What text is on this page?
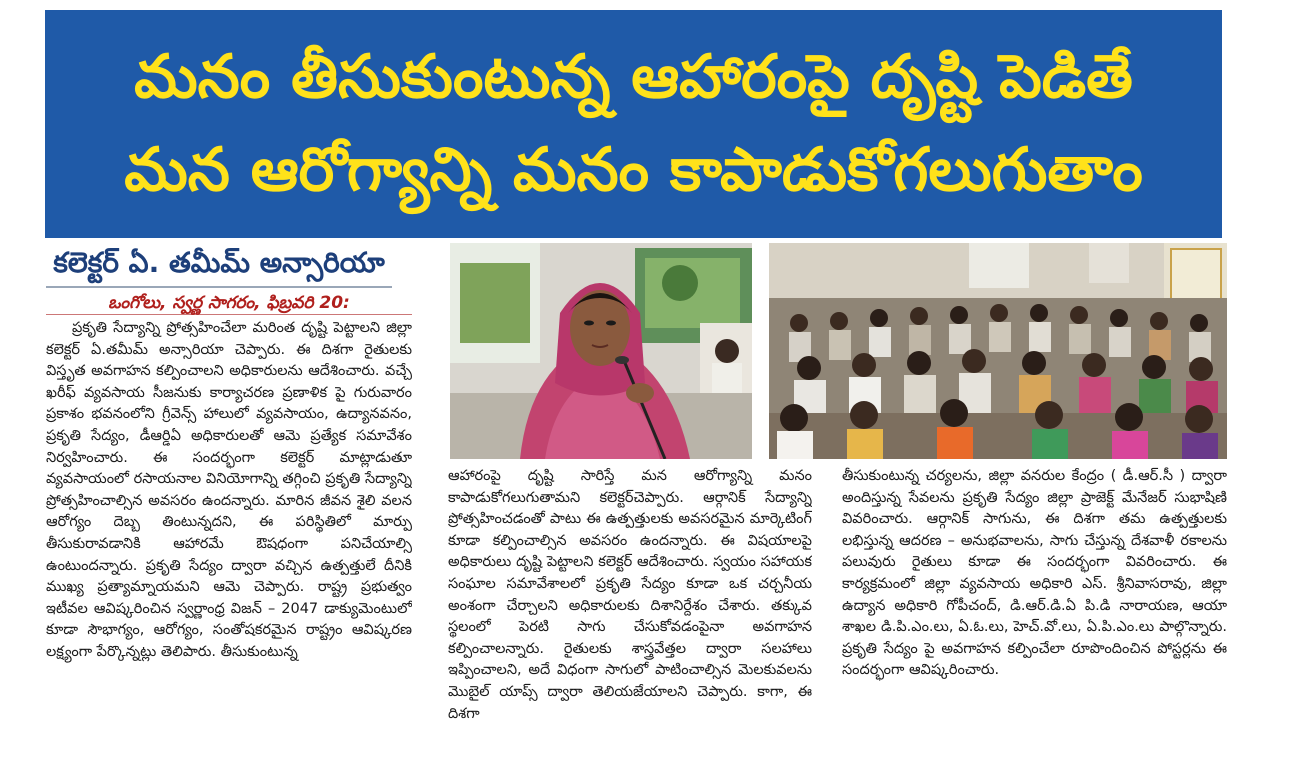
మనం తీసుకుంటున్న ఆహారంపై దృష్టి పెడితే
మన ఆరోగ్యాన్ని మనం కాపాడుకోగలుగుతాం
కలెక్టర్ ఏ. తమీమ్ అన్సారియా
ఒంగోలు, స్వర్ణ సాగరం, ఫిబ్రవరి 20:
ప్రకృతి సేద్యాన్ని ప్రోత్సహించేలా మరింత దృష్టి పెట్టాలని జిల్లా కలెక్టర్ ఏ.తమీమ్ అన్సారియా చెప్పారు. ఈ దిశగా రైతులకు విస్తృత అవగాహన కల్పించాలని అధికారులను ఆదేశించారు. వచ్చే ఖరీఫ్ వ్యవసాయ సీజనుకు కార్యాచరణ ప్రణాళిక పై గురువారం ప్రకాశం భవనంలోని గ్రీవెన్స్ హాలులో వ్యవసాయం, ఉద్యానవనం, ప్రకృతి సేద్యం, డీఆర్డిఏ అధికారులతో ఆమె ప్రత్యేక సమావేశం నిర్వహించారు. ఈ సందర్భంగా కలెక్టర్ మాట్లాడుతూ వ్యవసాయంలో రసాయనాల వినియోగాన్ని తగ్గించి ప్రకృతి సేద్యాన్ని ప్రోత్సహించాల్సిన అవసరం ఉందన్నారు. మారిన జీవన శైలి వలన ఆరోగ్యం దెబ్బ తింటున్నదని, ఈ పరిస్థితిలో మార్పు తీసుకురావడానికి ఆహారమే ఔషధంగా పనిచేయాల్సి ఉంటుందన్నారు. ప్రకృతి సేద్యం ద్వారా వచ్చిన ఉత్పత్తులే దీనికి ముఖ్య ప్రత్యామ్నాయమని ఆమె చెప్పారు. రాష్ట్ర ప్రభుత్వం ఇటీవల ఆవిష్కరించిన స్వర్ణాంధ్ర విజన్ – 2047 డాక్యుమెంటులో కూడా సౌభాగ్యం, ఆరోగ్యం, సంతోషకరమైన రాష్ట్రం ఆవిష్కరణ లక్ష్యంగా పేర్కొన్నట్లు తెలిపారు. తీసుకుంటున్న
ఆహారంపై దృష్టి సారిస్తే మన ఆరోగ్యాన్ని మనం కాపాడుకోగలుగుతామని కలెక్టర్‌చెప్పారు. ఆర్గానిక్ సేద్యాన్ని ప్రోత్సహించడంతో పాటు ఈ ఉత్పత్తులకు అవసరమైన మార్కెటింగ్ కూడా కల్పించాల్సిన అవసరం ఉందన్నారు. ఈ విషయాలపై అధికారులు దృష్టి పెట్టాలని కలెక్టర్ ఆదేశించారు. స్వయం సహాయక సంఘాల సమావేశాలలో ప్రకృతి సేద్యం కూడా ఒక చర్చనీయ అంశంగా చేర్చాలని అధికారులకు దిశానిర్దేశం చేశారు. తక్కువ స్థలంలో పెరటి సాగు చేసుకోవడంపైనా అవగాహన కల్పించాలన్నారు. రైతులకు శాస్త్రవేత్తల ద్వారా సలహాలు ఇప్పించాలని, అదే విధంగా సాగులో పాటించాల్సిన మెలకువలను మొబైల్ యాప్స్ ద్వారా తెలియజేయాలని చెప్పారు. కాగా, ఈ దిశగా
తీసుకుంటున్న చర్యలను, జిల్లా వనరుల కేంద్రం ( డీ.ఆర్.సీ ) ద్వారా అందిస్తున్న సేవలను ప్రకృతి సేద్యం జిల్లా ప్రాజెక్ట్ మేనేజర్ సుభాషిణి వివరించారు. ఆర్గానిక్ సాగును, ఈ దిశగా తమ ఉత్పత్తులకు లభిస్తున్న ఆదరణ – అనుభవాలను, సాగు చేస్తున్న దేశవాళీ రకాలను పలువురు రైతులు కూడా ఈ సందర్భంగా వివరించారు. ఈ కార్యక్రమంలో జిల్లా వ్యవసాయ అధికారి ఎస్. శ్రీనివాసరావు, జిల్లా ఉద్యాన అధికారి గోపీచంద్, డి.ఆర్.డి.ఏ పి.డి నారాయణ, ఆయా శాఖల డి.పి.ఎం.లు, ఏ.ఓ.లు, హెచ్.వో.లు, ఏ.పి.ఎం.లు పాల్గొన్నారు. ప్రకృతి సేద్యం పై అవగాహన కల్పించేలా రూపొందించిన పోస్టర్లను ఈ సందర్భంగా ఆవిష్కరించారు.
